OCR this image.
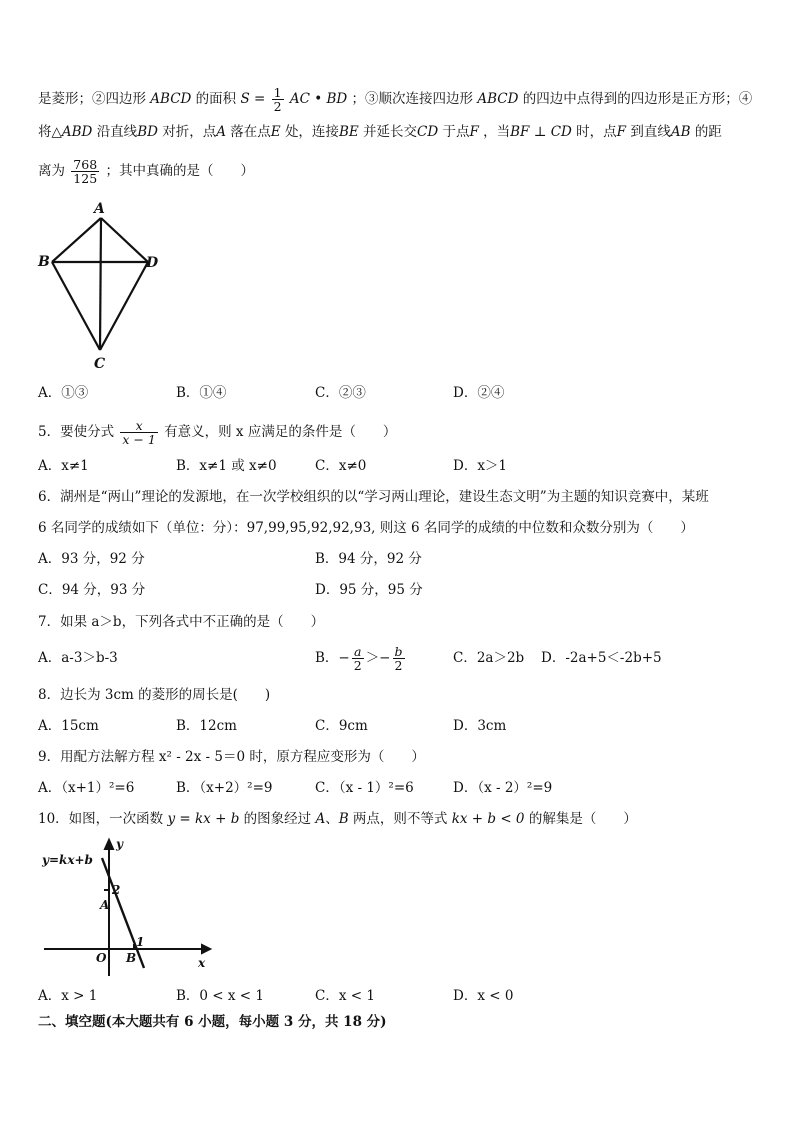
是菱形；②四边形 ABCD 的面积 $S = \frac{1}{2}$ AC • BD ；③顺次连接四边形 ABCD 的四边中点得到的四边形是正方形；④
将△ABD 沿直线BD 对折，点A 落在点E 处，连接BE 并延长交CD 于点F ，当BF ⊥ CD 时，点F 到直线AB 的距
离为 $\frac{768}{125}$ ；其中真确的是（　　）
A
B	D
C
A．①③	B．①④	C．②③	D．②④
5．要使分式 $\frac{x}{x - 1}$ 有意义，则 x 应满足的条件是（　　）
A．x≠1	B．x≠1 或 x≠0	C．x≠0	D．x＞1
6．湖州是“两山”理论的发源地，在一次学校组织的以“学习两山理论，建设生态文明”为主题的知识竞赛中，某班
6 名同学的成绩如下（单位：分）：97,99,95,92,92,93, 则这 6 名同学的成绩的中位数和众数分别为（　　）
A．93 分，92 分	B．94 分，92 分
C．94 分，93 分	D．95 分，95 分
7．如果 a＞b，下列各式中不正确的是（　　）
A．a-3＞b-3	B．− $\frac{a}{2} >- \frac{b}{2}$	C．2a＞2b D．-2a+5＜-2b+5
8．边长为 3cm 的菱形的周长是(　　)
A．15cm	B．12cm	C．9cm	D．3cm
9．用配方法解方程 x² - 2x - 5＝0 时，原方程应变形为（　　）
A．（x+1）²=6	B．（x+2）²=9	C．（x - 1）²=6	D．（x - 2）²=9
10．如图，一次函数 y = kx + b 的图象经过 A、B 两点，则不等式 kx + b < 0 的解集是（　　）
y=kx+b
y
x
O
A
B
2
1
A．x > 1	B．0 < x < 1	C．x < 1	D．x < 0
二、填空题(本大题共有 6 小题，每小题 3 分，共 18 分)
